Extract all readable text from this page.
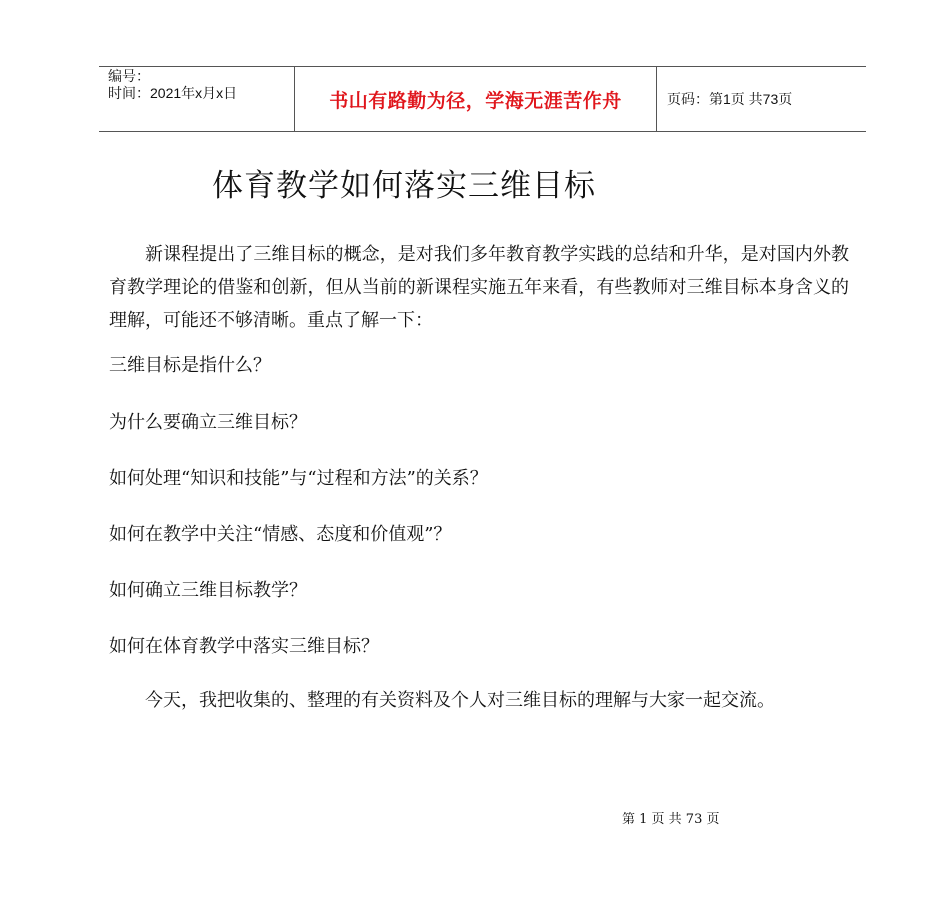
编号：
时间：2021年x月x日	书山有路勤为径，学海无涯苦作舟	页码：第1页 共73页
体育教学如何落实三维目标

新课程提出了三维目标的概念，是对我们多年教育教学实践的总结和升华，是对国内外教育教学理论的借鉴和创新，但从当前的新课程实施五年来看，有些教师对三维目标本身含义的理解，可能还不够清晰。重点了解一下：

三维目标是指什么？

为什么要确立三维目标？

如何处理“知识和技能”与“过程和方法”的关系？

如何在教学中关注“情感、态度和价值观”？

如何确立三维目标教学？

如何在体育教学中落实三维目标？

今天，我把收集的、整理的有关资料及个人对三维目标的理解与大家一起交流。

第 1 页 共 73 页
